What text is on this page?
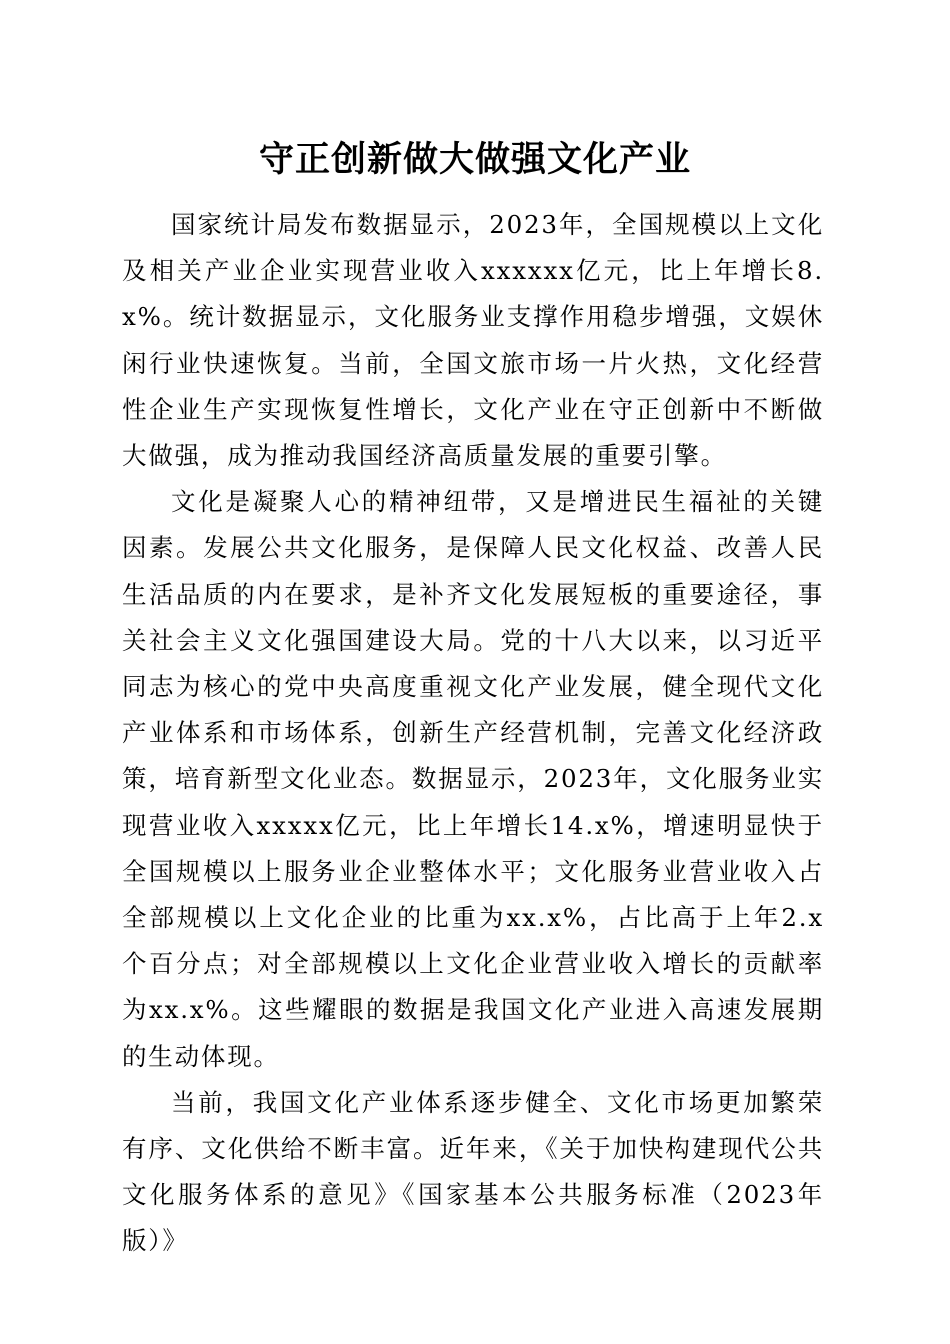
守正创新做大做强文化产业

国家统计局发布数据显示，2023年，全国规模以上文化及相关产业企业实现营业收入xxxxxx亿元，比上年增长8.x%。统计数据显示，文化服务业支撑作用稳步增强，文娱休闲行业快速恢复。当前，全国文旅市场一片火热，文化经营性企业生产实现恢复性增长，文化产业在守正创新中不断做大做强，成为推动我国经济高质量发展的重要引擎。

文化是凝聚人心的精神纽带，又是增进民生福祉的关键因素。发展公共文化服务，是保障人民文化权益、改善人民生活品质的内在要求，是补齐文化发展短板的重要途径，事关社会主义文化强国建设大局。党的十八大以来，以习近平同志为核心的党中央高度重视文化产业发展，健全现代文化产业体系和市场体系，创新生产经营机制，完善文化经济政策，培育新型文化业态。数据显示，2023年，文化服务业实现营业收入xxxxx亿元，比上年增长14.x%，增速明显快于全国规模以上服务业企业整体水平；文化服务业营业收入占全部规模以上文化企业的比重为xx.x%，占比高于上年2.x个百分点；对全部规模以上文化企业营业收入增长的贡献率为xx.x%。这些耀眼的数据是我国文化产业进入高速发展期的生动体现。

当前，我国文化产业体系逐步健全、文化市场更加繁荣有序、文化供给不断丰富。近年来，《关于加快构建现代公共文化服务体系的意见》《国家基本公共服务标准（2023年版）》
